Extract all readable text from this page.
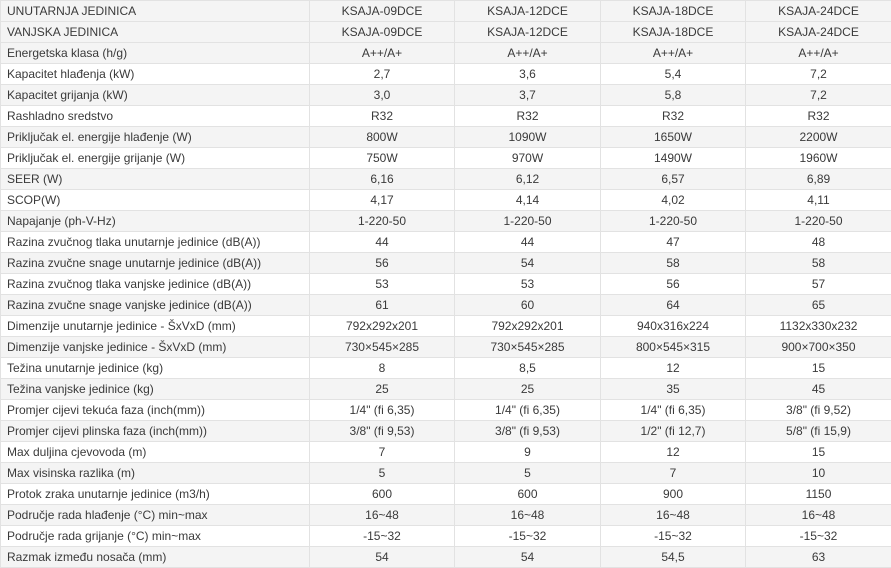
UNUTARNJA JEDINICA	KSAJA-09DCE	KSAJA-12DCE	KSAJA-18DCE	KSAJA-24DCE
VANJSKA JEDINICA	KSAJA-09DCE	KSAJA-12DCE	KSAJA-18DCE	KSAJA-24DCE
Energetska klasa (h/g)	A++/A+	A++/A+	A++/A+	A++/A+
Kapacitet hlađenja (kW)	2,7	3,6	5,4	7,2
Kapacitet grijanja (kW)	3,0	3,7	5,8	7,2
Rashladno sredstvo	R32	R32	R32	R32
Priključak el. energije hlađenje (W)	800W	1090W	1650W	2200W
Priključak el. energije grijanje (W)	750W	970W	1490W	1960W
SEER (W)	6,16	6,12	6,57	6,89
SCOP(W)	4,17	4,14	4,02	4,11
Napajanje (ph-V-Hz)	1-220-50	1-220-50	1-220-50	1-220-50
Razina zvučnog tlaka unutarnje jedinice (dB(A))	44	44	47	48
Razina zvučne snage unutarnje jedinice (dB(A))	56	54	58	58
Razina zvučnog tlaka vanjske jedinice (dB(A))	53	53	56	57
Razina zvučne snage vanjske jedinice (dB(A))	61	60	64	65
Dimenzije unutarnje jedinice - ŠxVxD (mm)	792x292x201	792x292x201	940x316x224	1132x330x232
Dimenzije vanjske jedinice - ŠxVxD (mm)	730×545×285	730×545×285	800×545×315	900×700×350
Težina unutarnje jedinice (kg)	8	8,5	12	15
Težina vanjske jedinice (kg)	25	25	35	45
Promjer cijevi tekuća faza (inch(mm))	1/4" (fi 6,35)	1/4" (fi 6,35)	1/4" (fi 6,35)	3/8" (fi 9,52)
Promjer cijevi plinska faza (inch(mm))	3/8" (fi 9,53)	3/8" (fi 9,53)	1/2" (fi 12,7)	5/8" (fi 15,9)
Max duljina cjevovoda (m)	7	9	12	15
Max visinska razlika (m)	5	5	7	10
Protok zraka unutarnje jedinice (m3/h)	600	600	900	1150
Područje rada hlađenje (°C) min~max	16~48	16~48	16~48	16~48
Područje rada grijanje (°C) min~max	-15~32	-15~32	-15~32	-15~32
Razmak između nosača (mm)	54	54	54,5	63
